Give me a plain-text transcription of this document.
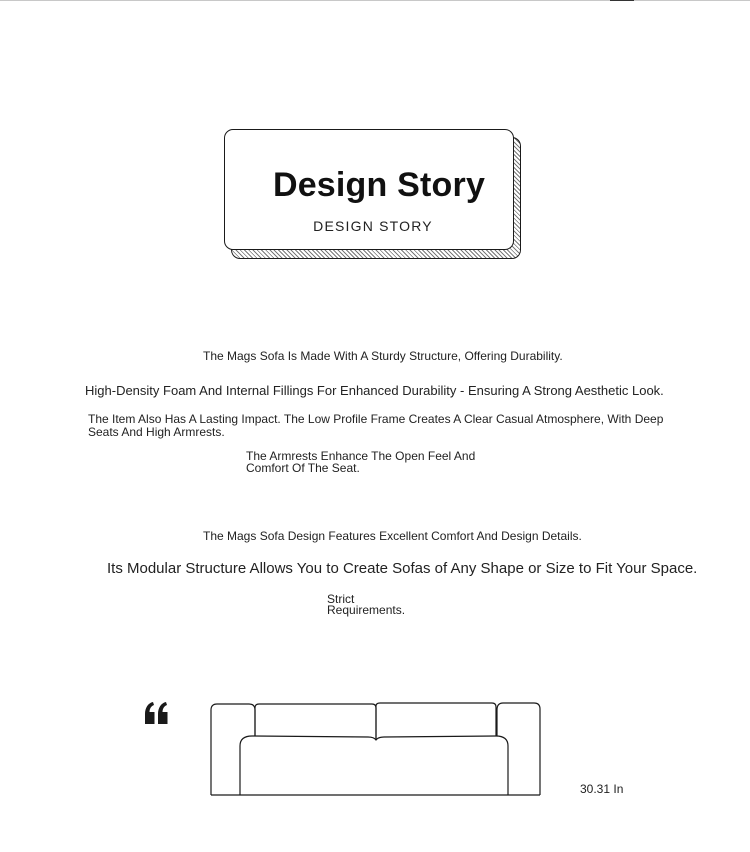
Design Story
DESIGN STORY

The Mags Sofa Is Made With A Sturdy Structure, Offering Durability.

High-Density Foam And Internal Fillings For Enhanced Durability - Ensuring A Strong Aesthetic Look.

The Item Also Has A Lasting Impact. The Low Profile Frame Creates A Clear Casual Atmosphere, With Deep Seats And High Armrests.

The Armrests Enhance The Open Feel And Comfort Of The Seat.

The Mags Sofa Design Features Excellent Comfort And Design Details.

Its Modular Structure Allows You to Create Sofas of Any Shape or Size to Fit Your Space.

Strict Requirements.

30.31 In
